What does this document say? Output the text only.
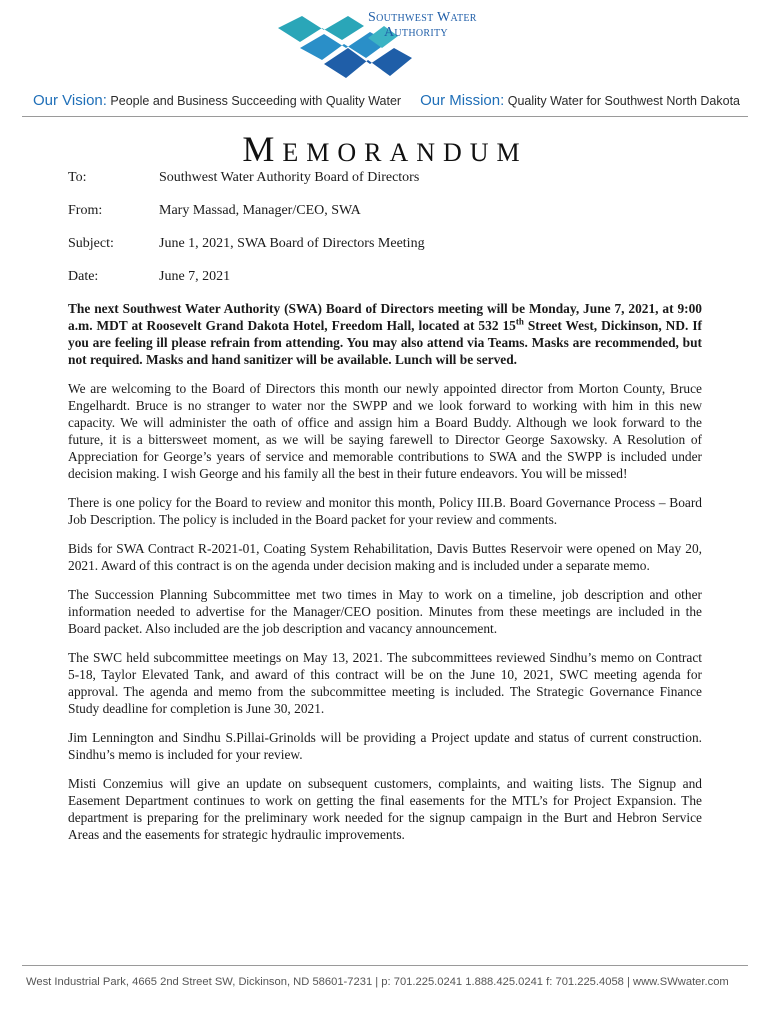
Southwest Water
Authority
Our Vision: People and Business Succeeding with Quality Water Our Mission: Quality Water for Southwest North Dakota
MEMORANDUM
To:	Southwest Water Authority Board of Directors
From:	Mary Massad, Manager/CEO, SWA
Subject:	June 1, 2021, SWA Board of Directors Meeting
Date:	June 7, 2021

The next Southwest Water Authority (SWA) Board of Directors meeting will be Monday, June 7, 2021, at 9:00 a.m. MDT at Roosevelt Grand Dakota Hotel, Freedom Hall, located at 532 15th Street West, Dickinson, ND. If you are feeling ill please refrain from attending. You may also attend via Teams. Masks are recommended, but not required. Masks and hand sanitizer will be available. Lunch will be served.

We are welcoming to the Board of Directors this month our newly appointed director from Morton County, Bruce Engelhardt. Bruce is no stranger to water nor the SWPP and we look forward to working with him in this new capacity. We will administer the oath of office and assign him a Board Buddy. Although we look forward to the future, it is a bittersweet moment, as we will be saying farewell to Director George Saxowsky. A Resolution of Appreciation for George’s years of service and memorable contributions to SWA and the SWPP is included under decision making. I wish George and his family all the best in their future endeavors. You will be missed!

There is one policy for the Board to review and monitor this month, Policy III.B. Board Governance Process – Board Job Description. The policy is included in the Board packet for your review and comments.

Bids for SWA Contract R-2021-01, Coating System Rehabilitation, Davis Buttes Reservoir were opened on May 20, 2021. Award of this contract is on the agenda under decision making and is included under a separate memo.

The Succession Planning Subcommittee met two times in May to work on a timeline, job description and other information needed to advertise for the Manager/CEO position. Minutes from these meetings are included in the Board packet. Also included are the job description and vacancy announcement.

The SWC held subcommittee meetings on May 13, 2021. The subcommittees reviewed Sindhu’s memo on Contract 5-18, Taylor Elevated Tank, and award of this contract will be on the June 10, 2021, SWC meeting agenda for approval. The agenda and memo from the subcommittee meeting is included. The Strategic Governance Finance Study deadline for completion is June 30, 2021.

Jim Lennington and Sindhu S.Pillai-Grinolds will be providing a Project update and status of current construction. Sindhu’s memo is included for your review.

Misti Conzemius will give an update on subsequent customers, complaints, and waiting lists. The Signup and Easement Department continues to work on getting the final easements for the MTL’s for Project Expansion. The department is preparing for the preliminary work needed for the signup campaign in the Burt and Hebron Service Areas and the easements for strategic hydraulic improvements.

West Industrial Park, 4665 2nd Street SW, Dickinson, ND 58601-7231 | p: 701.225.0241 1.888.425.0241 f: 701.225.4058 | www.SWwater.com
